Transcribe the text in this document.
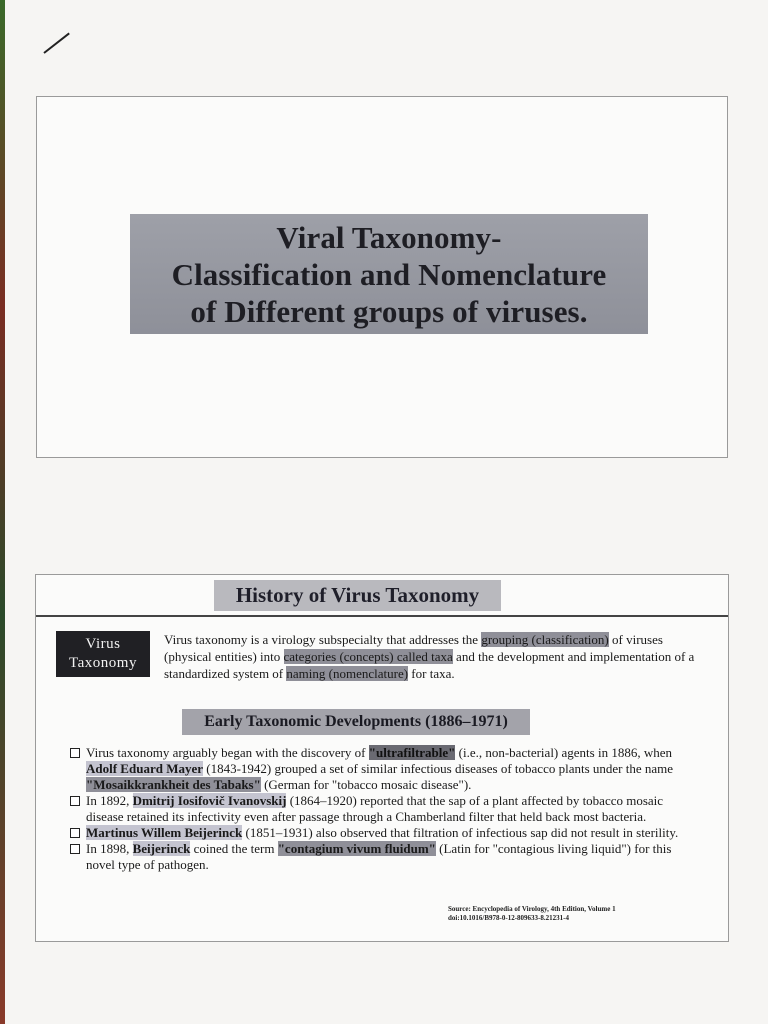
Viral Taxonomy-
Classification and Nomenclature
of Different groups of viruses.
History of Virus Taxonomy
Virus
Taxonomy
Virus taxonomy is a virology subspecialty that addresses the grouping (classification) of viruses (physical entities) into categories (concepts) called taxa and the development and implementation of a standardized system of naming (nomenclature) for taxa.
Early Taxonomic Developments (1886–1971)
Virus taxonomy arguably began with the discovery of "ultrafiltrable" (i.e., non-bacterial) agents in 1886, when Adolf Eduard Mayer (1843-1942) grouped a set of similar infectious diseases of tobacco plants under the name "Mosaikkrankheit des Tabaks" (German for "tobacco mosaic disease").
In 1892, Dmitrij Iosifovič Ivanovskij (1864–1920) reported that the sap of a plant affected by tobacco mosaic disease retained its infectivity even after passage through a Chamberland filter that held back most bacteria.
Martinus Willem Beijerinck (1851–1931) also observed that filtration of infectious sap did not result in sterility.
In 1898, Beijerinck coined the term "contagium vivum fluidum" (Latin for "contagious living liquid") for this novel type of pathogen.
Source: Encyclopedia of Virology, 4th Edition, Volume 1
doi:10.1016/B978-0-12-809633-8.21231-4
